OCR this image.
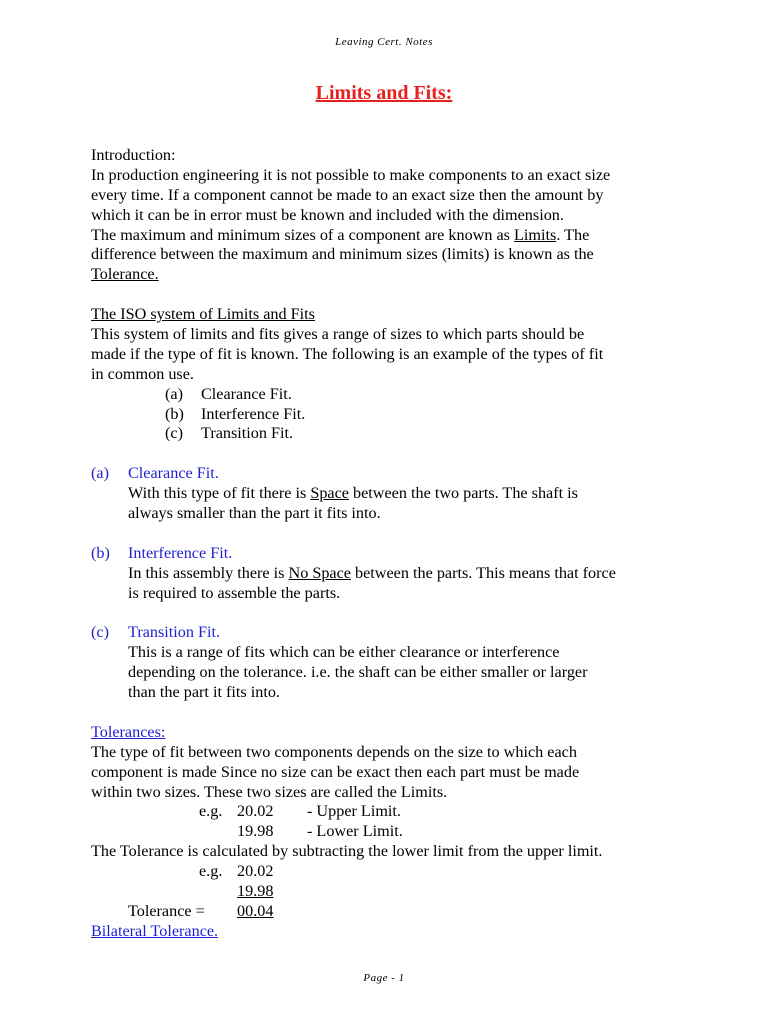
Leaving Cert. Notes
Limits and Fits:
Introduction:
In production engineering it is not possible to make components to an exact size
every time. If a component cannot be made to an exact size then the amount by
which it can be in error must be known and included with the dimension.
The maximum and minimum sizes of a component are known as Limits. The
difference between the maximum and minimum sizes (limits) is known as the
Tolerance.
The ISO system of Limits and Fits
This system of limits and fits gives a range of sizes to which parts should be
made if the type of fit is known. The following is an example of the types of fit
in common use.
(a) Clearance Fit.
(b) Interference Fit.
(c) Transition Fit.
(a) Clearance Fit.
With this type of fit there is Space between the two parts. The shaft is
always smaller than the part it fits into.
(b) Interference Fit.
In this assembly there is No Space between the parts. This means that force
is required to assemble the parts.
(c) Transition Fit.
This is a range of fits which can be either clearance or interference
depending on the tolerance. i.e. the shaft can be either smaller or larger
than the part it fits into.
Tolerances:
The type of fit between two components depends on the size to which each
component is made Since no size can be exact then each part must be made
within two sizes. These two sizes are called the Limits.
e.g. 20.02 - Upper Limit.
19.98 - Lower Limit.
The Tolerance is calculated by subtracting the lower limit from the upper limit.
e.g. 20.02
19.98
Tolerance = 00.04
Bilateral Tolerance.
Page - 1
